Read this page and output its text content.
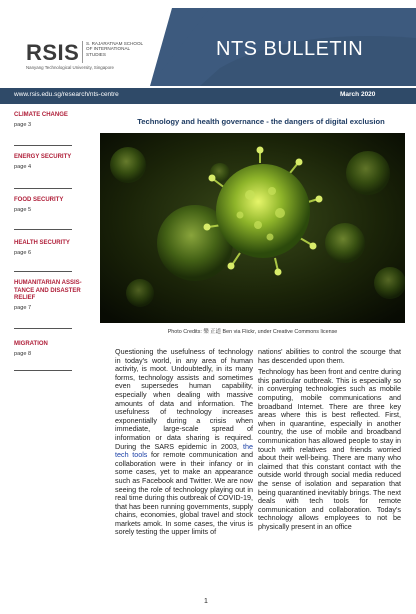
RSIS S. RAJARATNAM SCHOOL OF INTERNATIONAL STUDIES
Nanyang Technological University, Singapore
NTS BULLETIN
www.rsis.edu.sg/research/nts-centre	March 2020
CLIMATE CHANGE
page 3
ENERGY SECURITY
page 4
FOOD SECURITY
page 5
HEALTH SECURITY
page 6
HUMANITARIAN ASSIS-TANCE AND DISASTER RELIEF
page 7
MIGRATION
page 8
Technology and health governance - the dangers of digital exclusion
Photo Credits: 樂 正道 Ben via Flickr, under Creative Commons license
Questioning the usefulness of technology in today's world, in any area of human activity, is moot. Undoubtedly, in its many forms, technology assists and sometimes even supersedes human capability, especially when dealing with massive amounts of data and information. The usefulness of technology increases exponentially during a crisis when immediate, large-scale spread of information or data sharing is required. During the SARS epidemic in 2003, the tech tools for remote communication and collaboration were in their infancy or in some cases, yet to make an appearance such as Facebook and Twitter. We are now seeing the role of technology playing out in real time during this outbreak of COVID-19, that has been running governments, supply chains, economies, global travel and stock markets amok. In some cases, the virus is sorely testing the upper limits of
nations' abilities to control the scourge that has descended upon them.
Technology has been front and centre during this particular outbreak. This is especially so in converging technologies such as mobile computing, mobile communications and broadband Internet. There are three key areas where this is best reflected. First, when in quarantine, especially in another country, the use of mobile and broadband communication has allowed people to stay in touch with relatives and friends worried about their well-being. There are many who claimed that this constant contact with the outside world through social media reduced the sense of isolation and separation that being quarantined inevitably brings. The next deals with tech tools for remote communication and collaboration. Today's technology allows employees to not be physically present in an office
1
